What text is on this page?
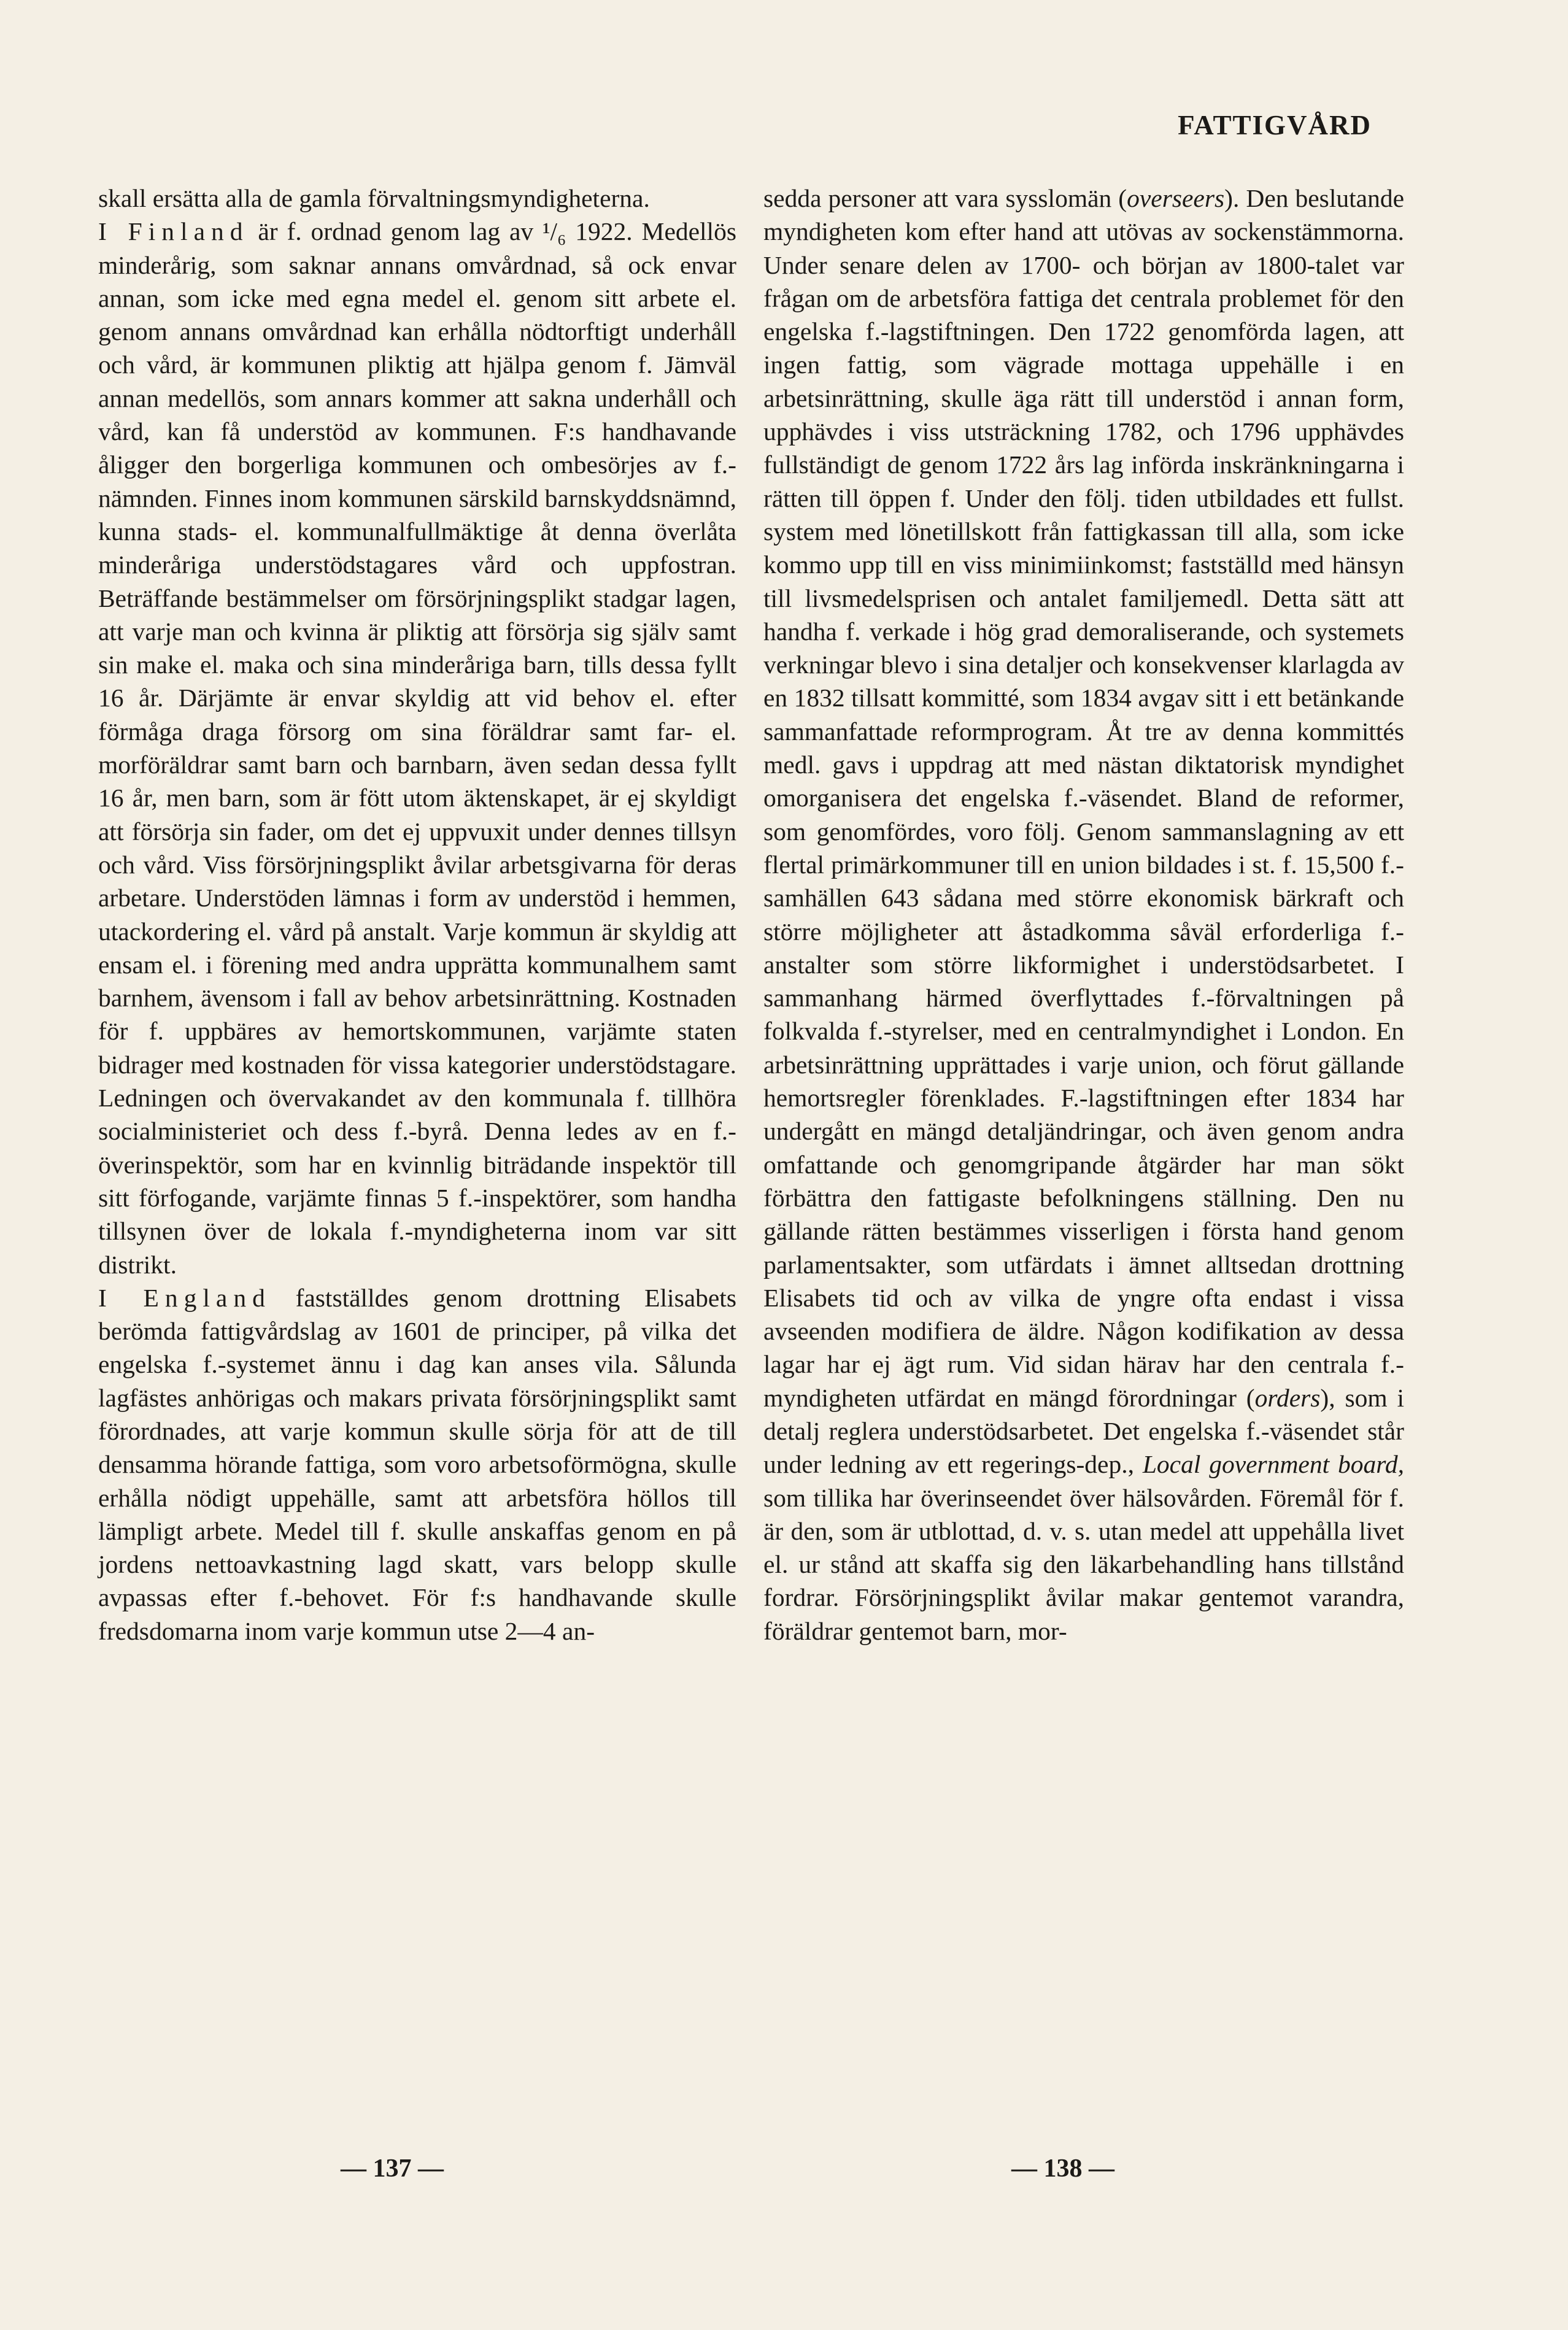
FATTIGVÅRD

skall ersätta alla de gamla förvaltningsmyndigheterna.

I Finland är f. ordnad genom lag av ¹/₆ 1922. Medellös minderårig, som saknar annans omvårdnad, så ock envar annan, som icke med egna medel el. genom sitt arbete el. genom annans omvårdnad kan erhålla nödtorftigt underhåll och vård, är kommunen pliktig att hjälpa genom f. Jämväl annan medellös, som annars kommer att sakna underhåll och vård, kan få understöd av kommunen. F:s handhavande åligger den borgerliga kommunen och ombesörjes av f.-nämnden. Finnes inom kommunen särskild barnskyddsnämnd, kunna stads- el. kommunalfullmäktige åt denna överlåta minderåriga understödstagares vård och uppfostran. Beträffande bestämmelser om försörjningsplikt stadgar lagen, att varje man och kvinna är pliktig att försörja sig själv samt sin make el. maka och sina minderåriga barn, tills dessa fyllt 16 år. Därjämte är envar skyldig att vid behov el. efter förmåga draga försorg om sina föräldrar samt far- el. morföräldrar samt barn och barnbarn, även sedan dessa fyllt 16 år, men barn, som är fött utom äktenskapet, är ej skyldigt att försörja sin fader, om det ej uppvuxit under dennes tillsyn och vård. Viss försörjningsplikt åvilar arbetsgivarna för deras arbetare. Understöden lämnas i form av understöd i hemmen, utackordering el. vård på anstalt. Varje kommun är skyldig att ensam el. i förening med andra upprätta kommunalhem samt barnhem, ävensom i fall av behov arbetsinrättning. Kostnaden för f. uppbäres av hemortskommunen, varjämte staten bidrager med kostnaden för vissa kategorier understödstagare. Ledningen och övervakandet av den kommunala f. tillhöra socialministeriet och dess f.-byrå. Denna ledes av en f.-överinspektör, som har en kvinnlig biträdande inspektör till sitt förfogande, varjämte finnas 5 f.-inspektörer, som handha tillsynen över de lokala f.-myndigheterna inom var sitt distrikt.

I England fastställdes genom drottning Elisabets berömda fattigvårdslag av 1601 de principer, på vilka det engelska f.-systemet ännu i dag kan anses vila. Sålunda lagfästes anhörigas och makars privata försörjningsplikt samt förordnades, att varje kommun skulle sörja för att de till densamma hörande fattiga, som voro arbetsoförmögna, skulle erhålla nödigt uppehälle, samt att arbetsföra höllos till lämpligt arbete. Medel till f. skulle anskaffas genom en på jordens nettoavkastning lagd skatt, vars belopp skulle avpassas efter f.-behovet. För f:s handhavande skulle fredsdomarna inom varje kommun utse 2—4 an-

sedda personer att vara sysslomän (overseers). Den beslutande myndigheten kom efter hand att utövas av sockenstämmorna. Under senare delen av 1700- och början av 1800-talet var frågan om de arbetsföra fattiga det centrala problemet för den engelska f.-lagstiftningen. Den 1722 genomförda lagen, att ingen fattig, som vägrade mottaga uppehälle i en arbetsinrättning, skulle äga rätt till understöd i annan form, upphävdes i viss utsträckning 1782, och 1796 upphävdes fullständigt de genom 1722 års lag införda inskränkningarna i rätten till öppen f. Under den följ. tiden utbildades ett fullst. system med lönetillskott från fattigkassan till alla, som icke kommo upp till en viss minimiinkomst; fastställd med hänsyn till livsmedelsprisen och antalet familjemedl. Detta sätt att handha f. verkade i hög grad demoraliserande, och systemets verkningar blevo i sina detaljer och konsekvenser klarlagda av en 1832 tillsatt kommitté, som 1834 avgav sitt i ett betänkande sammanfattade reformprogram. Åt tre av denna kommittés medl. gavs i uppdrag att med nästan diktatorisk myndighet omorganisera det engelska f.-väsendet. Bland de reformer, som genomfördes, voro följ. Genom sammanslagning av ett flertal primärkommuner till en union bildades i st. f. 15,500 f.-samhällen 643 sådana med större ekonomisk bärkraft och större möjligheter att åstadkomma såväl erforderliga f.-anstalter som större likformighet i understödsarbetet. I sammanhang härmed överflyttades f.-förvaltningen på folkvalda f.-styrelser, med en centralmyndighet i London. En arbetsinrättning upprättades i varje union, och förut gällande hemortsregler förenklades. F.-lagstiftningen efter 1834 har undergått en mängd detaljändringar, och även genom andra omfattande och genomgripande åtgärder har man sökt förbättra den fattigaste befolkningens ställning. Den nu gällande rätten bestämmes visserligen i första hand genom parlamentsakter, som utfärdats i ämnet alltsedan drottning Elisabets tid och av vilka de yngre ofta endast i vissa avseenden modifiera de äldre. Någon kodifikation av dessa lagar har ej ägt rum. Vid sidan härav har den centrala f.-myndigheten utfärdat en mängd förordningar (orders), som i detalj reglera understödsarbetet. Det engelska f.-väsendet står under ledning av ett regerings-dep., Local government board, som tillika har överinseendet över hälsovården. Föremål för f. är den, som är utblottad, d. v. s. utan medel att uppehålla livet el. ur stånd att skaffa sig den läkarbehandling hans tillstånd fordrar. Försörjningsplikt åvilar makar gentemot varandra, föräldrar gentemot barn, mor-

— 137 —	— 138 —
